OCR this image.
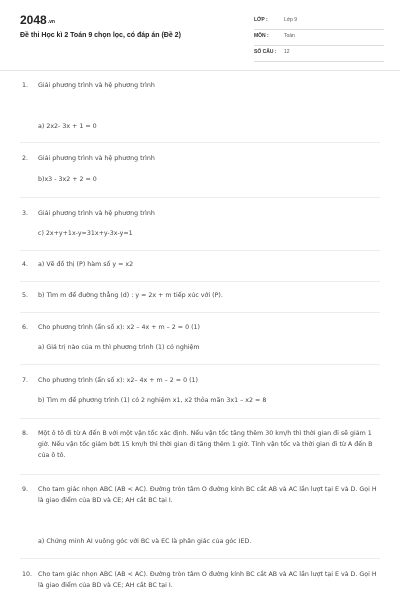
2048.vn
Đề thi Học kì 2 Toán 9 chọn lọc, có đáp án (Đề 2)
LỚP :	Lớp 9
MÔN :	Toán
SỐ CÂU : 12
1. Giải phương trình và hệ phương trình
a) 2x2- 3x + 1 = 0
2. Giải phương trình và hệ phương trình
b)x3 - 3x2 + 2 = 0
3. Giải phương trình và hệ phương trình
c) 2x+y+1x-y=31x+y-3x-y=1
4. a) Vẽ đồ thị (P) hàm số y = x2
5. b) Tìm m để đường thẳng (d) : y = 2x + m tiếp xúc với (P).
6. Cho phương trình (ẩn số x): x2 – 4x + m – 2 = 0 (1)
a) Giá trị nào của m thì phương trình (1) có nghiệm
7. Cho phương trình (ẩn số x): x2– 4x + m – 2 = 0 (1)
b) Tìm m để phương trình (1) có 2 nghiệm x1, x2 thỏa mãn 3x1 – x2 = 8
8. Một ô tô đi từ A đến B với một vận tốc xác định. Nếu vận tốc tăng thêm 30 km/h thì thời gian đi sẽ giảm 1 giờ. Nếu vận tốc giảm bớt 15 km/h thì thời gian đi tăng thêm 1 giờ. Tính vận tốc và thời gian đi từ A đến B của ô tô.
9. Cho tam giác nhọn ABC (AB < AC). Đường tròn tâm O đường kính BC cắt AB và AC lần lượt tại E và D. Gọi H là giao điểm của BD và CE; AH cắt BC tại I.
a) Chứng minh AI vuông góc với BC và EC là phân giác của góc IED.
10. Cho tam giác nhọn ABC (AB < AC). Đường tròn tâm O đường kính BC cắt AB và AC lần lượt tại E và D. Gọi H là giao điểm của BD và CE; AH cắt BC tại I.
